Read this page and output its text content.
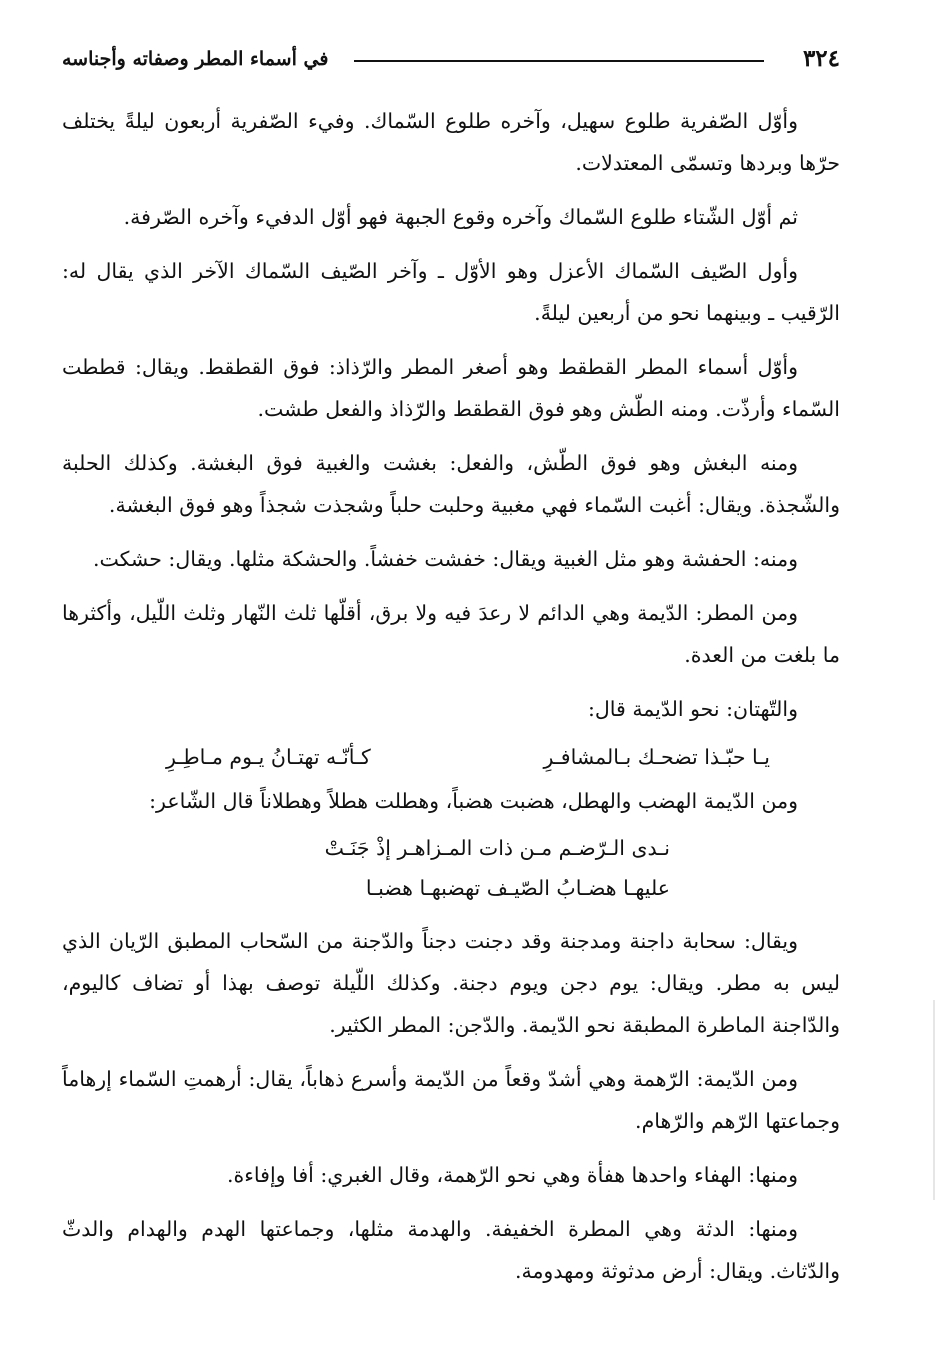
٣٢٤
في أسماء المطر وصفاته وأجناسه

وأوّل الصّفرية طلوع سهيل، وآخره طلوع السّماك. وفيء الصّفرية أربعون ليلةً يختلف حرّها وبردها وتسمّى المعتدلات.

ثم أوّل الشّتاء طلوع السّماك وآخره وقوع الجبهة فهو أوّل الدفيء وآخره الصّرفة.

وأول الصّيف السّماك الأعزل وهو الأوّل ـ وآخر الصّيف السّماك الآخر الذي يقال له: الرّقيب ـ وبينهما نحو من أربعين ليلةً.

وأوّل أسماء المطر القطقط وهو أصغر المطر والرّذاذ: فوق القطقط. ويقال: قططت السّماء وأرذّت. ومنه الطّش وهو فوق القطقط والرّذاذ والفعل طشت.

ومنه البغش وهو فوق الطّش، والفعل: بغشت والغبية فوق البغشة. وكذلك الحلبة والشّجذة. ويقال: أغبت السّماء فهي مغبية وحلبت حلباً وشجذت شجذاً وهو فوق البغشة.

ومنه: الحفشة وهو مثل الغبية ويقال: خفشت خفشاً. والحشكة مثلها. ويقال: حشكت.

ومن المطر: الدّيمة وهي الدائم لا رعدَ فيه ولا برق، أقلّها ثلث النّهار وثلث اللّيل، وأكثرها ما بلغت من العدة.

والتّهتان: نحو الدّيمة قال:

يـا حبّـذا تضحـك بـالمشافـرِ
كـأنّـه تهتـانُ يـوم مـاطِـرِ

ومن الدّيمة الهضب والهطل، هضبت هضباً، وهطلت هطلاً وهطلاناً قال الشّاعر:

نـدى الـرّضـم مـن ذات المـزاهـر إذْ جَنَـتْ
عليهـا هضـابُ الصّيـف تهضبهـا هضبـا

ويقال: سحابة داجنة ومدجنة وقد دجنت دجناً والدّجنة من السّحاب المطبق الرّيان الذي ليس به مطر. ويقال: يوم دجن ويوم دجنة. وكذلك اللّيلة توصف بهذا أو تضاف كاليوم، والدّاجنة الماطرة المطبقة نحو الدّيمة. والدّجن: المطر الكثير.

ومن الدّيمة: الرّهمة وهي أشدّ وقعاً من الدّيمة وأسرع ذهاباً، يقال: أرهمتِ السّماء إرهاماً وجماعتها الرّهم والرّهام.

ومنها: الهفاء واحدها هفأة وهي نحو الرّهمة، وقال الغبري: أفا وإفاءة.

ومنها: الدثة وهي المطرة الخفيفة. والهدمة مثلها، وجماعتها الهدم والهدام والدثّ والدّثاث. ويقال: أرض مدثوثة ومهدومة.
